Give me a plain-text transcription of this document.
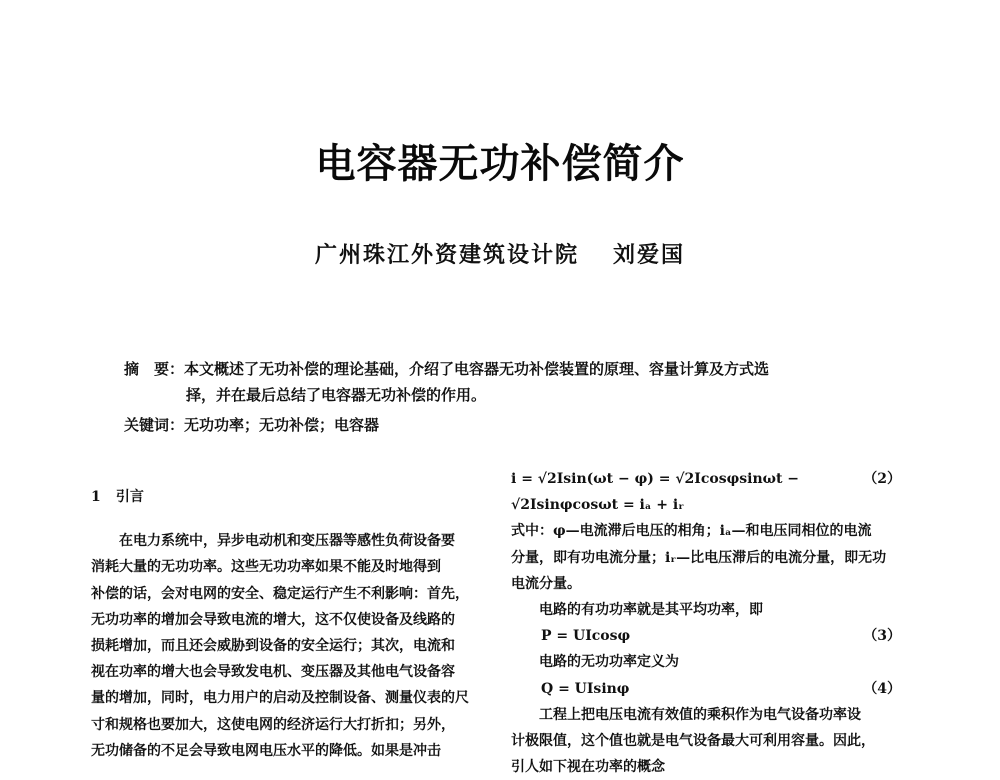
电容器无功补偿简介
广州珠江外资建筑设计院 刘爱国
摘　要：本文概述了无功补偿的理论基础，介绍了电容器无功补偿装置的原理、容量计算及方式选
择，并在最后总结了电容器无功补偿的作用。
关键词：无功功率；无功补偿；电容器
1 引言

在电力系统中，异步电动机和变压器等感性负荷设备要

消耗大量的无功功率。这些无功功率如果不能及时地得到

补偿的话，会对电网的安全、稳定运行产生不利影响：首先，

无功功率的增加会导致电流的增大，这不仅使设备及线路的

损耗增加，而且还会威胁到设备的安全运行；其次，电流和

视在功率的增大也会导致发电机、变压器及其他电气设备容

量的增加，同时，电力用户的启动及控制设备、测量仪表的尺

寸和规格也要加大，这使电网的经济运行大打折扣；另外，

无功储备的不足会导致电网电压水平的降低。如果是冲击

i = √2Isin(ωt − φ) = √2Icosφsinωt − √2Isinφcosωt = iₐ + iᵣ
（2）

式中：φ—电流滞后电压的相角；iₐ—和电压同相位的电流

分量，即有功电流分量；iᵣ—比电压滞后的电流分量，即无功

电流分量。

电路的有功功率就是其平均功率，即

P = UIcosφ	（3）

电路的无功功率定义为

Q = UIsinφ	（4）

工程上把电压电流有效值的乘积作为电气设备功率设

计极限值，这个值也就是电气设备最大可利用容量。因此，

引人如下视在功率的概念
